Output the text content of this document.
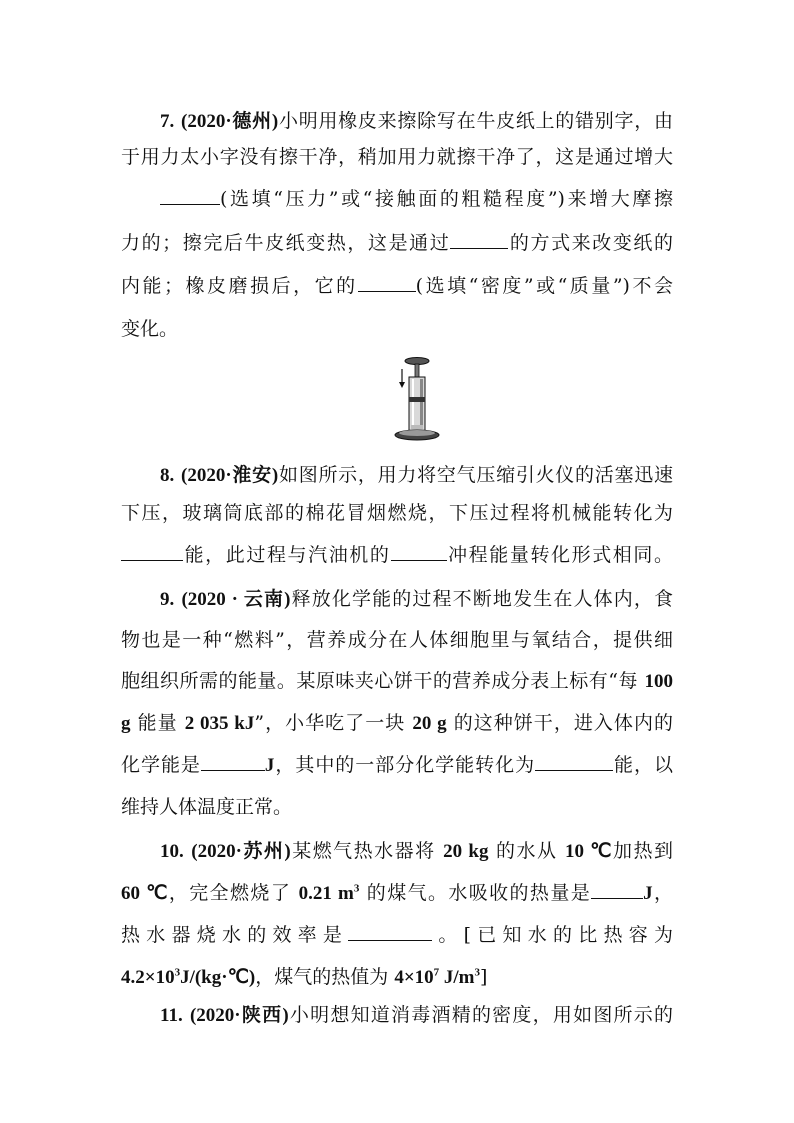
7. (2020·德州)小明用橡皮来擦除写在牛皮纸上的错别字，由
于用力太小字没有擦干净，稍加用力就擦干净了，这是通过增大
(选填“压力”或“接触面的粗糙程度”)来增大摩擦
力的；擦完后牛皮纸变热，这是通过	的方式来改变纸的
内能；橡皮磨损后，它的	(选填“密度”或“质量”)不会
变化。
8. (2020·淮安)如图所示，用力将空气压缩引火仪的活塞迅速
下压，玻璃筒底部的棉花冒烟燃烧，下压过程将机械能转化为
能，此过程与汽油机的	冲程能量转化形式相同。
9. (2020 · 云南)释放化学能的过程不断地发生在人体内，食
物也是一种“燃料”，营养成分在人体细胞里与氧结合，提供细
胞组织所需的能量。某原味夹心饼干的营养成分表上标有“每 100
g 能量 2 035 kJ”，小华吃了一块 20 g 的这种饼干，进入体内的
化学能是	J，其中的一部分化学能转化为	能，以
维持人体温度正常。
10. (2020·苏州)某燃气热水器将 20 kg 的水从 10 ℃加热到
60 ℃，完全燃烧了 0.21 $m^3$ 的煤气。水吸收的热量是	J，
热水器烧水的效率是	。[已知水的比热容为
$4.2\times 10^3J/(kg\cdot℃)$，煤气的热值为 $4\times 10^7$ $J/m^3$]
11. (2020·陕西)小明想知道消毒酒精的密度，用如图所示的
